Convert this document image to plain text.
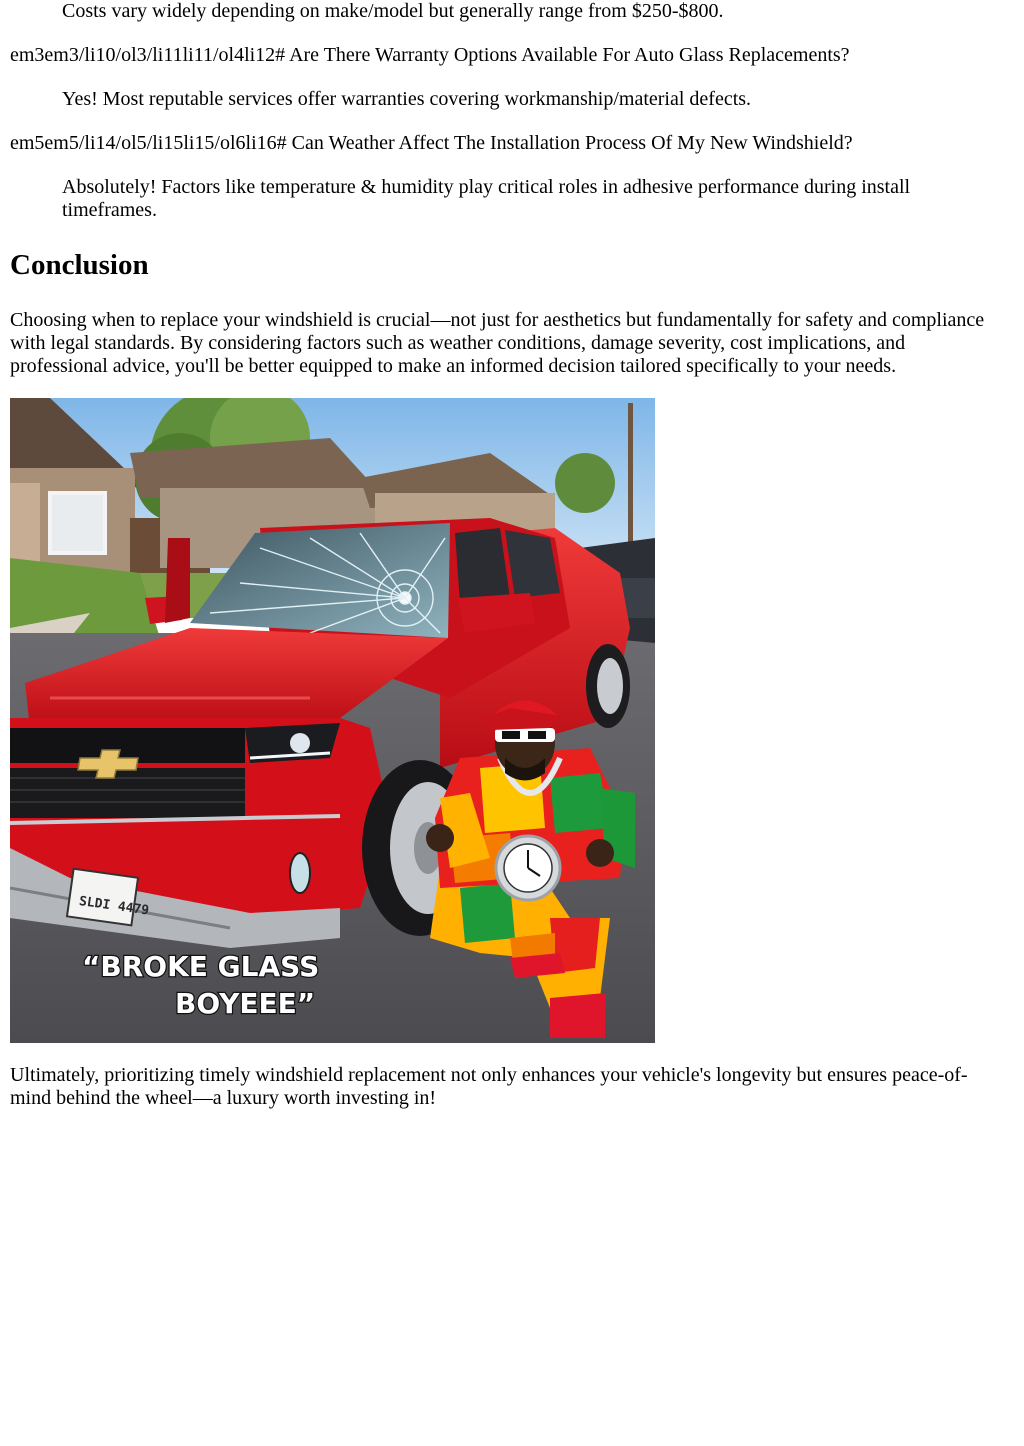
Costs vary widely depending on make/model but generally range from $250-$800.

em3em3/li10/ol3/li11li11/ol4li12# Are There Warranty Options Available For Auto Glass Replacements?

Yes! Most reputable services offer warranties covering workmanship/material defects.

em5em5/li14/ol5/li15li15/ol6li16# Can Weather Affect The Installation Process Of My New Windshield?

Absolutely! Factors like temperature & humidity play critical roles in adhesive performance during install timeframes.

Conclusion

Choosing when to replace your windshield is crucial—not just for aesthetics but fundamentally for safety and compliance with legal standards. By considering factors such as weather conditions, damage severity, cost implications, and professional advice, you'll be better equipped to make an informed decision tailored specifically to your needs.

SLDI 4479
“BROKE GLASS
BOYEEE”

Ultimately, prioritizing timely windshield replacement not only enhances your vehicle's longevity but ensures peace-of-mind behind the wheel—a luxury worth investing in!
